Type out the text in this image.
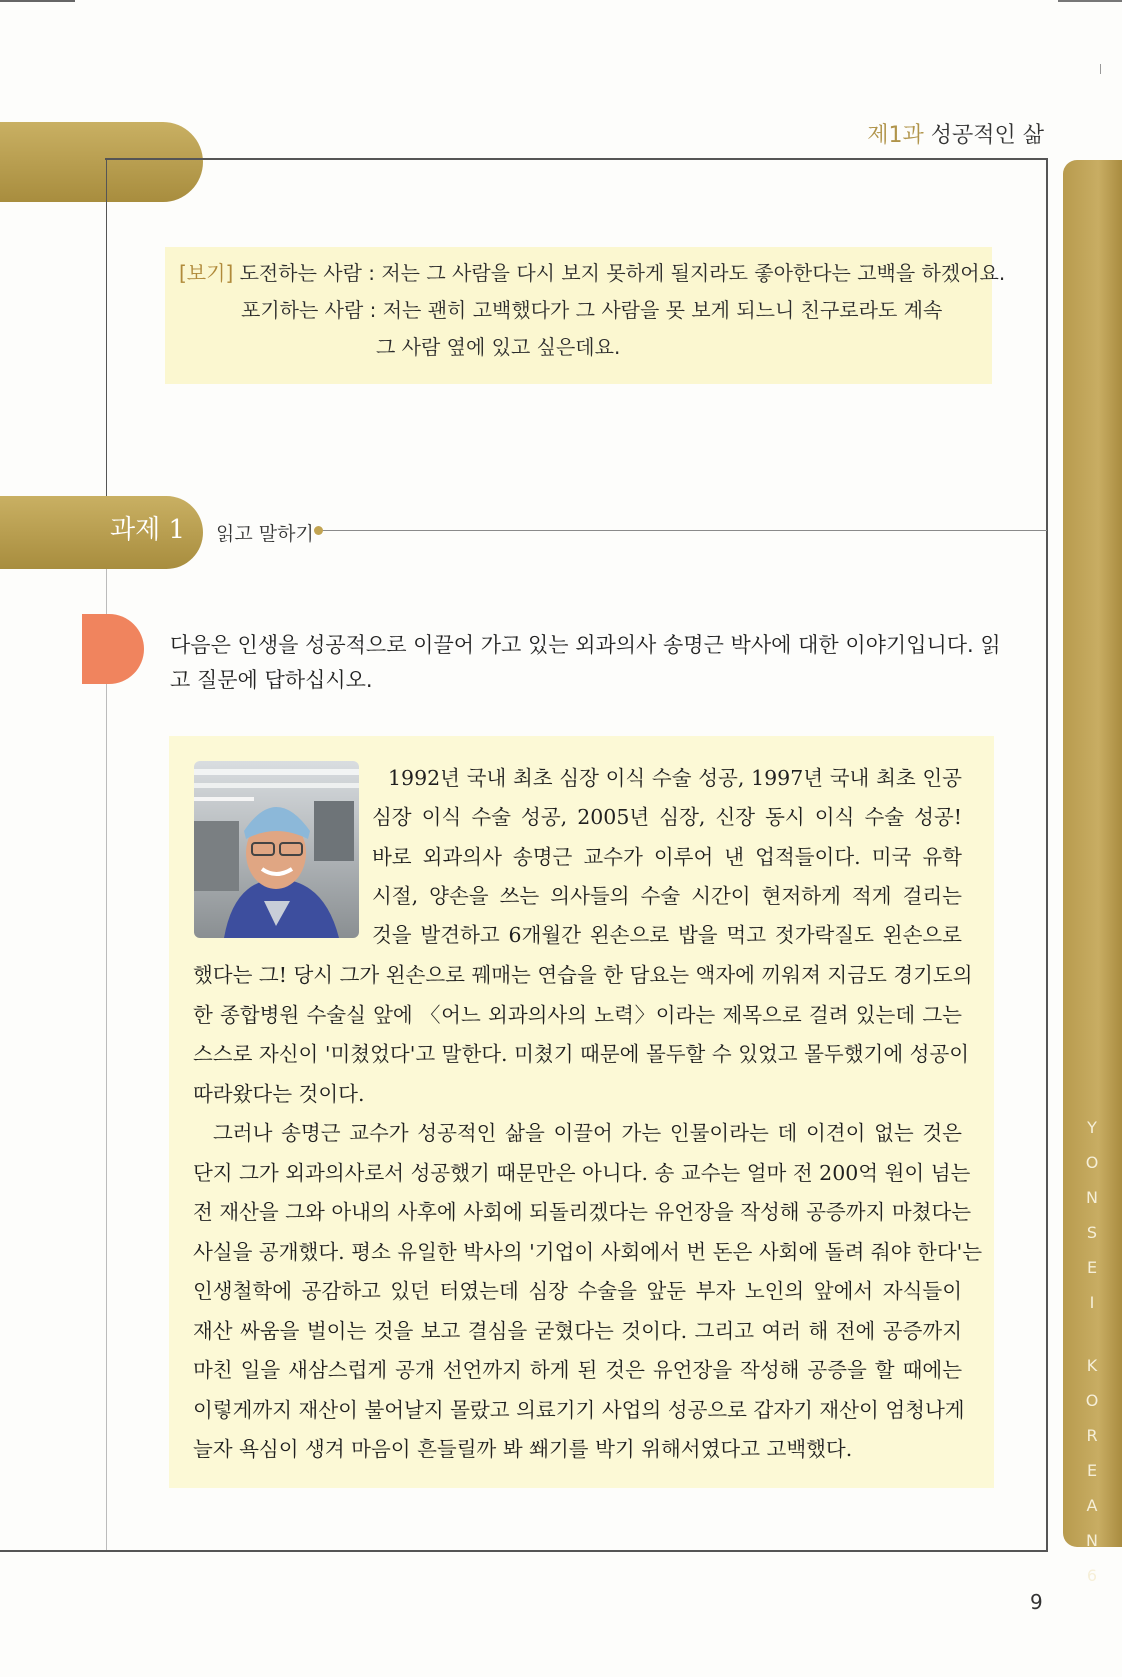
제1과 성공적인 삶
Y
O
N
S
E
I
K
O
R
E
A
N
6
[보기] 도전하는 사람 : 저는 그 사람을 다시 보지 못하게 될지라도 좋아한다는 고백을 하겠어요.
포기하는 사람 : 저는 괜히 고백했다가 그 사람을 못 보게 되느니 친구로라도 계속
그 사람 옆에 있고 싶은데요.
과제 1 읽고 말하기
다음은 인생을 성공적으로 이끌어 가고 있는 외과의사 송명근 박사에 대한 이야기입니다. 읽고 질문에 답하십시오.
1992년 국내 최초 심장 이식 수술 성공, 1997년 국내 최초 인공
심장 이식 수술 성공, 2005년 심장, 신장 동시 이식 수술 성공!
바로 외과의사 송명근 교수가 이루어 낸 업적들이다. 미국 유학
시절, 양손을 쓰는 의사들의 수술 시간이 현저하게 적게 걸리는
것을 발견하고 6개월간 왼손으로 밥을 먹고 젓가락질도 왼손으로
했다는 그! 당시 그가 왼손으로 꿰매는 연습을 한 담요는 액자에 끼워져 지금도 경기도의
한 종합병원 수술실 앞에 〈어느 외과의사의 노력〉이라는 제목으로 걸려 있는데 그는
스스로 자신이 '미쳤었다'고 말한다. 미쳤기 때문에 몰두할 수 있었고 몰두했기에 성공이
따라왔다는 것이다.
그러나 송명근 교수가 성공적인 삶을 이끌어 가는 인물이라는 데 이견이 없는 것은
단지 그가 외과의사로서 성공했기 때문만은 아니다. 송 교수는 얼마 전 200억 원이 넘는
전 재산을 그와 아내의 사후에 사회에 되돌리겠다는 유언장을 작성해 공증까지 마쳤다는
사실을 공개했다. 평소 유일한 박사의 '기업이 사회에서 번 돈은 사회에 돌려 줘야 한다'는
인생철학에 공감하고 있던 터였는데 심장 수술을 앞둔 부자 노인의 앞에서 자식들이
재산 싸움을 벌이는 것을 보고 결심을 굳혔다는 것이다. 그리고 여러 해 전에 공증까지
마친 일을 새삼스럽게 공개 선언까지 하게 된 것은 유언장을 작성해 공증을 할 때에는
이렇게까지 재산이 불어날지 몰랐고 의료기기 사업의 성공으로 갑자기 재산이 엄청나게
늘자 욕심이 생겨 마음이 흔들릴까 봐 쐐기를 박기 위해서였다고 고백했다.
9
